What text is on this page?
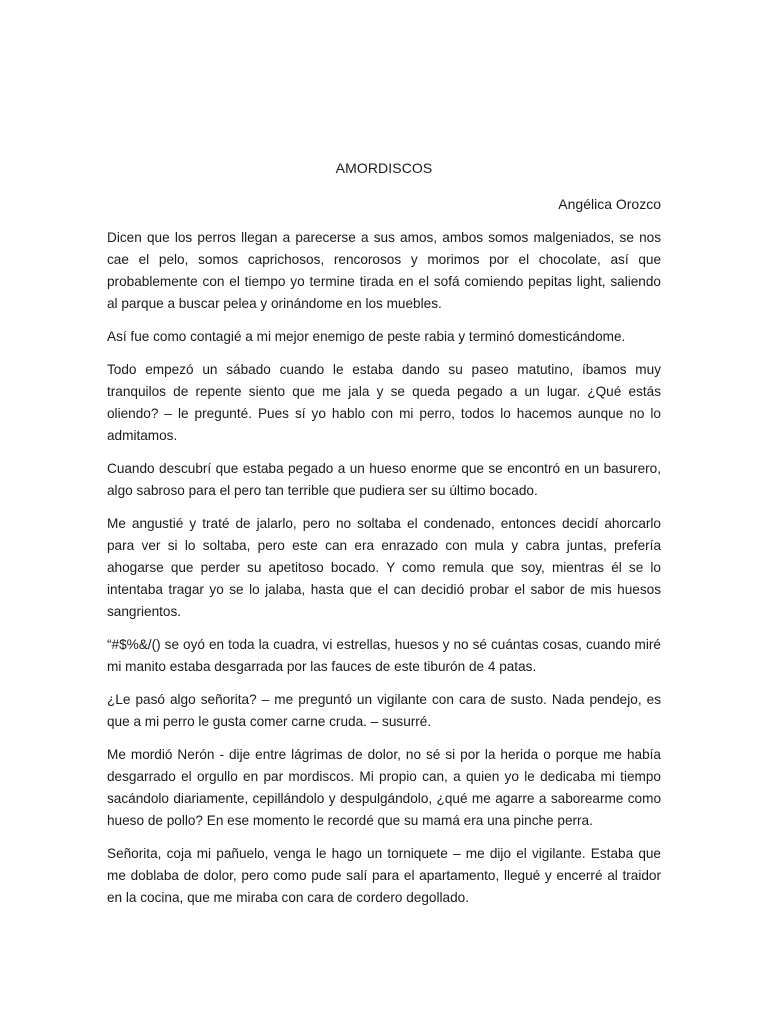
AMORDISCOS

Angélica Orozco

Dicen que los perros llegan a parecerse a sus amos, ambos somos malgeniados, se nos cae el pelo, somos caprichosos, rencorosos y morimos por el chocolate, así que probablemente con el tiempo yo termine tirada en el sofá comiendo pepitas light, saliendo al parque a buscar pelea y orinándome en los muebles.

Así fue como contagié a mi mejor enemigo de peste rabia y terminó domesticándome.

Todo empezó un sábado cuando le estaba dando su paseo matutino, íbamos muy tranquilos de repente siento que me jala y se queda pegado a un lugar. ¿Qué estás oliendo? – le pregunté. Pues sí yo hablo con mi perro, todos lo hacemos aunque no lo admitamos.

Cuando descubrí que estaba pegado a un hueso enorme que se encontró en un basurero, algo sabroso para el pero tan terrible que pudiera ser su último bocado.

Me angustié y traté de jalarlo, pero no soltaba el condenado, entonces decidí ahorcarlo para ver si lo soltaba, pero este can era enrazado con mula y cabra juntas, prefería ahogarse que perder su apetitoso bocado. Y como remula que soy, mientras él se lo intentaba tragar yo se lo jalaba, hasta que el can decidió probar el sabor de mis huesos sangrientos.

“#$%&/() se oyó en toda la cuadra, vi estrellas, huesos y no sé cuántas cosas, cuando miré mi manito estaba desgarrada por las fauces de este tiburón de 4 patas.

¿Le pasó algo señorita? – me preguntó un vigilante con cara de susto. Nada pendejo, es que a mi perro le gusta comer carne cruda. – susurré.

Me mordió Nerón - dije entre lágrimas de dolor, no sé si por la herida o porque me había desgarrado el orgullo en par mordiscos. Mi propio can, a quien yo le dedicaba mi tiempo sacándolo diariamente, cepillándolo y despulgándolo, ¿qué me agarre a saborearme como hueso de pollo? En ese momento le recordé que su mamá era una pinche perra.

Señorita, coja mi pañuelo, venga le hago un torniquete – me dijo el vigilante. Estaba que me doblaba de dolor, pero como pude salí para el apartamento, llegué y encerré al traidor en la cocina, que me miraba con cara de cordero degollado.
